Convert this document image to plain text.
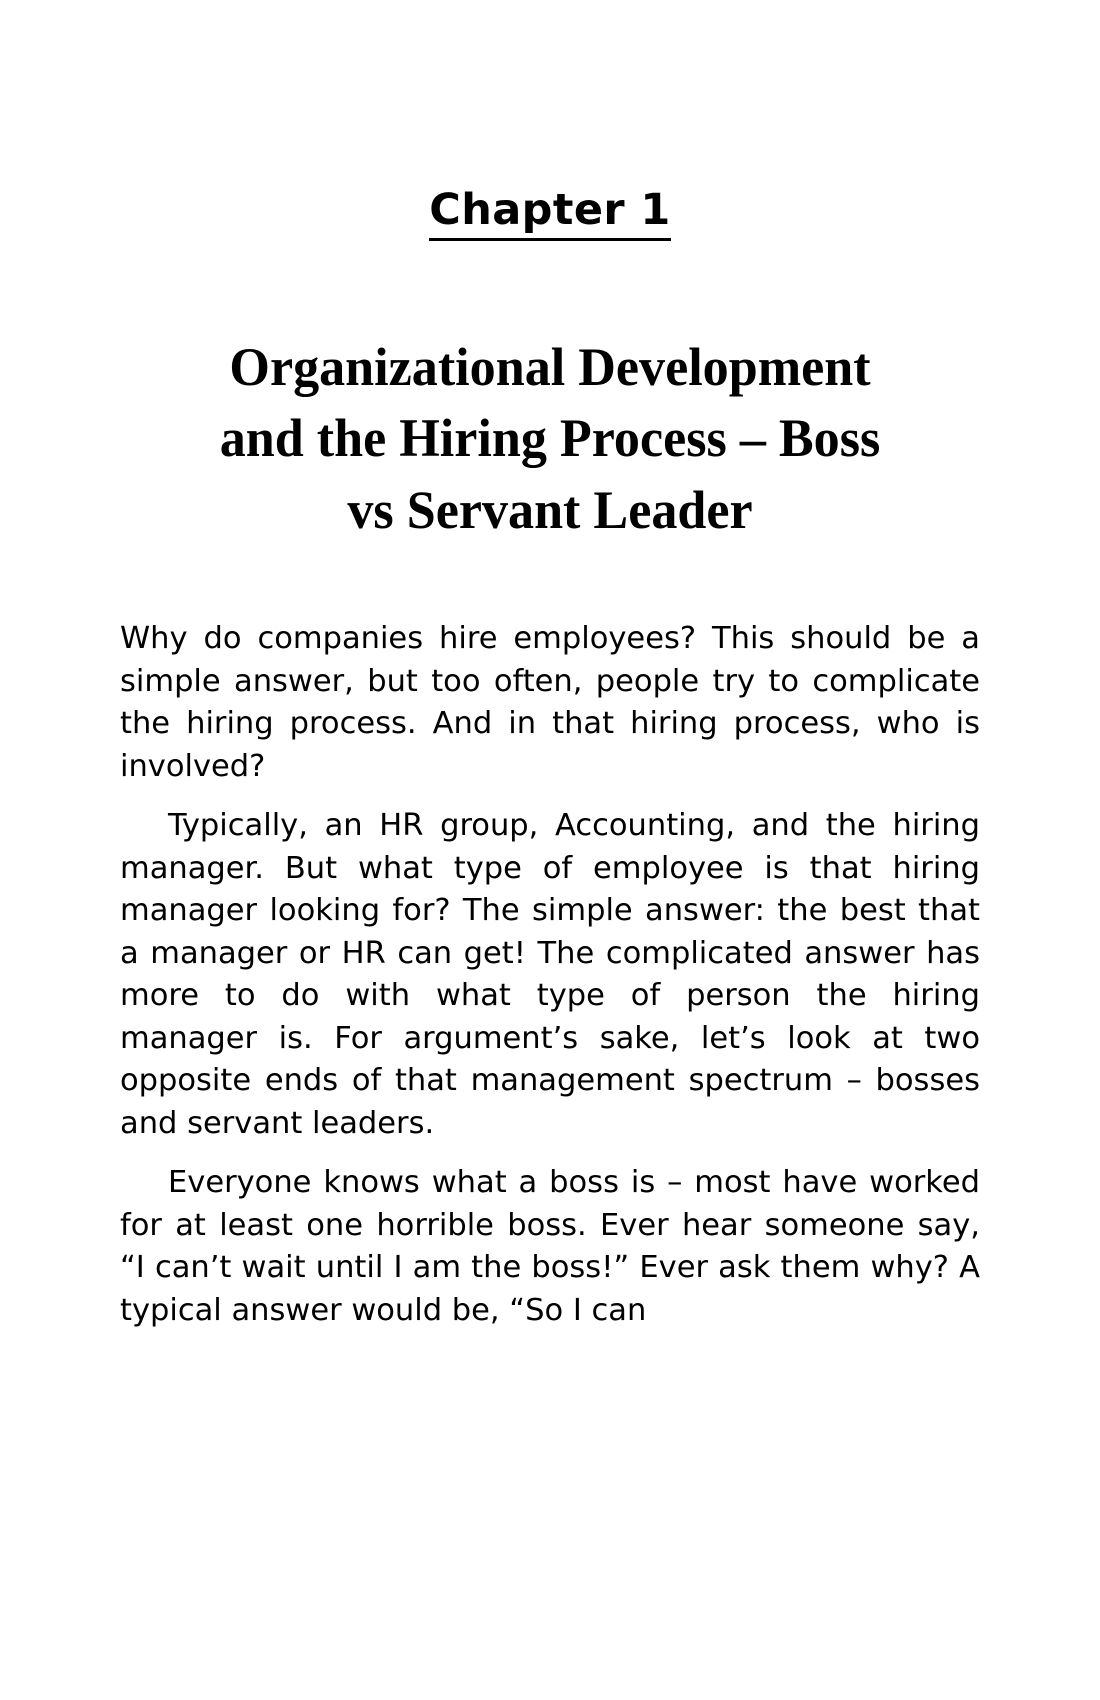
Chapter 1
Organizational Development
and the Hiring Process – Boss
vs Servant Leader

Why do companies hire employees? This should be a simple answer, but too often, people try to complicate the hiring process. And in that hiring process, who is involved?

Typically, an HR group, Accounting, and the hiring manager. But what type of employee is that hiring manager looking for? The simple answer: the best that a manager or HR can get! The complicated answer has more to do with what type of person the hiring manager is. For argument’s sake, let’s look at two opposite ends of that management spectrum – bosses and servant leaders.

Everyone knows what a boss is – most have worked for at least one horrible boss. Ever hear someone say, “I can’t wait until I am the boss!” Ever ask them why? A typical answer would be, “So I can
